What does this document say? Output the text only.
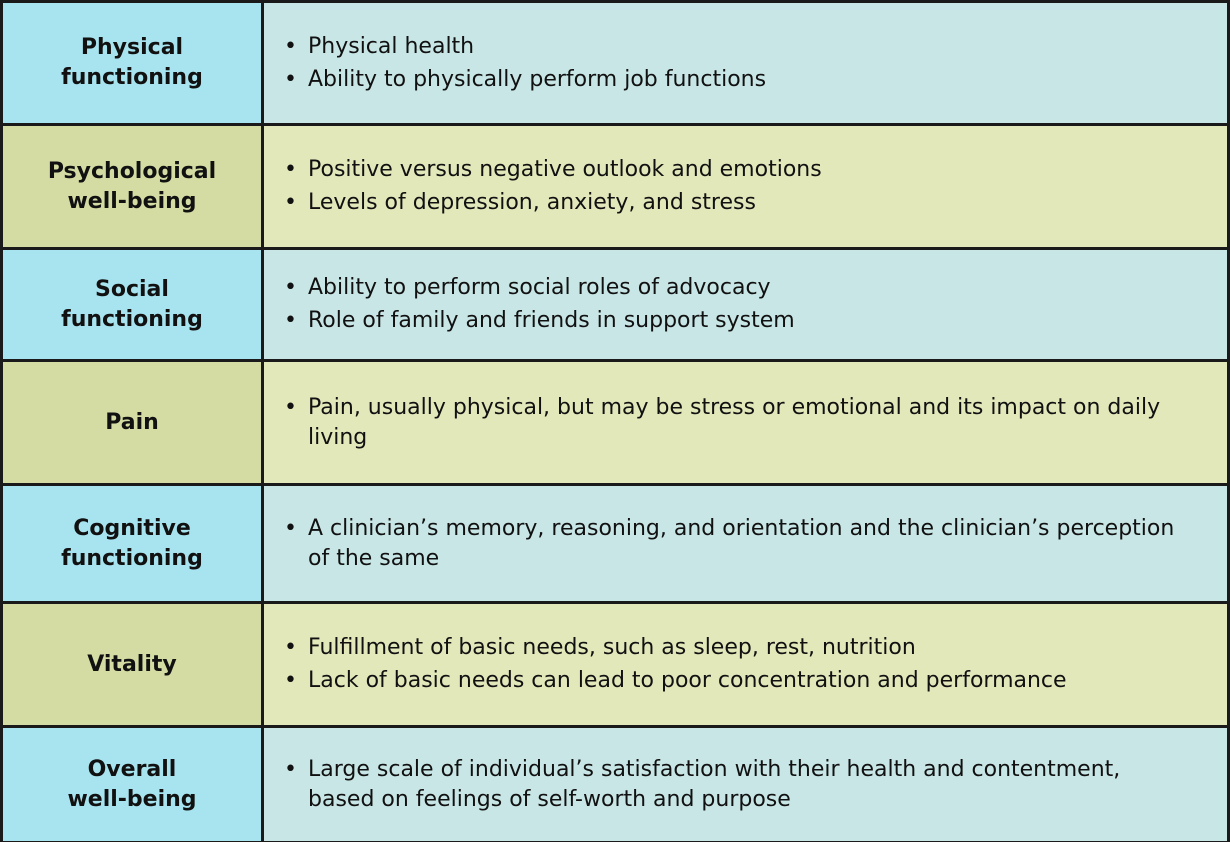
Physical
functioning
• Physical health
• Ability to physically perform job functions
Psychological
well-being
• Positive versus negative outlook and emotions
• Levels of depression, anxiety, and stress
Social
functioning
• Ability to perform social roles of advocacy
• Role of family and friends in support system
Pain
• Pain, usually physical, but may be stress or emotional and its impact on daily living
Cognitive
functioning
• A clinician’s memory, reasoning, and orientation and the clinician’s perception of the same
Vitality
• Fulfillment of basic needs, such as sleep, rest, nutrition
• Lack of basic needs can lead to poor concentration and performance
Overall
well-being
• Large scale of individual’s satisfaction with their health and contentment, based on feelings of self-worth and purpose
